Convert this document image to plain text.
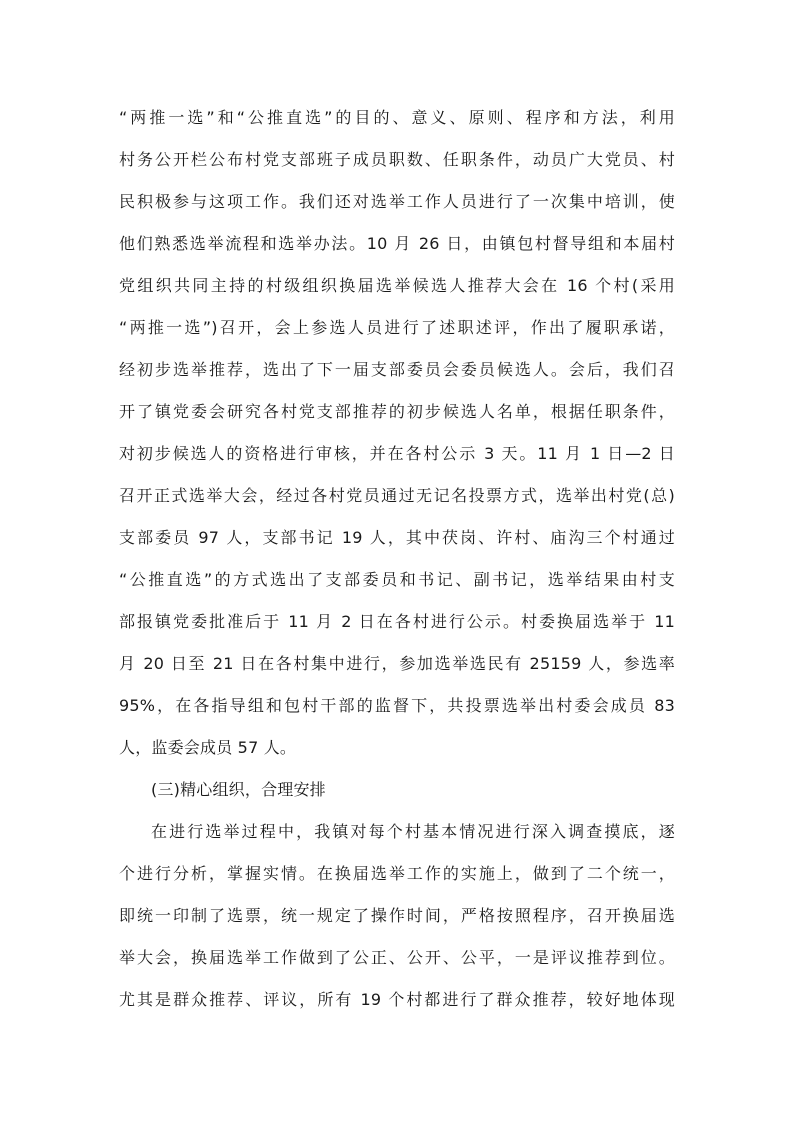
“两推一选”和“公推直选”的目的、意义、原则、程序和方法，利用
村务公开栏公布村党支部班子成员职数、任职条件，动员广大党员、村
民积极参与这项工作。我们还对选举工作人员进行了一次集中培训，使
他们熟悉选举流程和选举办法。10 月 26 日，由镇包村督导组和本届村
党组织共同主持的村级组织换届选举候选人推荐大会在 16 个村(采用
“两推一选”)召开，会上参选人员进行了述职述评，作出了履职承诺，
经初步选举推荐，选出了下一届支部委员会委员候选人。会后，我们召
开了镇党委会研究各村党支部推荐的初步候选人名单，根据任职条件，
对初步候选人的资格进行审核，并在各村公示 3 天。11 月 1 日—2 日
召开正式选举大会，经过各村党员通过无记名投票方式，选举出村党(总)
支部委员 97 人，支部书记 19 人，其中茯岗、许村、庙沟三个村通过
“公推直选”的方式选出了支部委员和书记、副书记，选举结果由村支
部报镇党委批准后于 11 月 2 日在各村进行公示。村委换届选举于 11
月 20 日至 21 日在各村集中进行，参加选举选民有 25159 人，参选率
95%，在各指导组和包村干部的监督下，共投票选举出村委会成员 83
人，监委会成员 57 人。
(三)精心组织，合理安排
在进行选举过程中，我镇对每个村基本情况进行深入调查摸底，逐
个进行分析，掌握实情。在换届选举工作的实施上，做到了二个统一，
即统一印制了选票，统一规定了操作时间，严格按照程序，召开换届选
举大会，换届选举工作做到了公正、公开、公平，一是评议推荐到位。
尤其是群众推荐、评议，所有 19 个村都进行了群众推荐，较好地体现
